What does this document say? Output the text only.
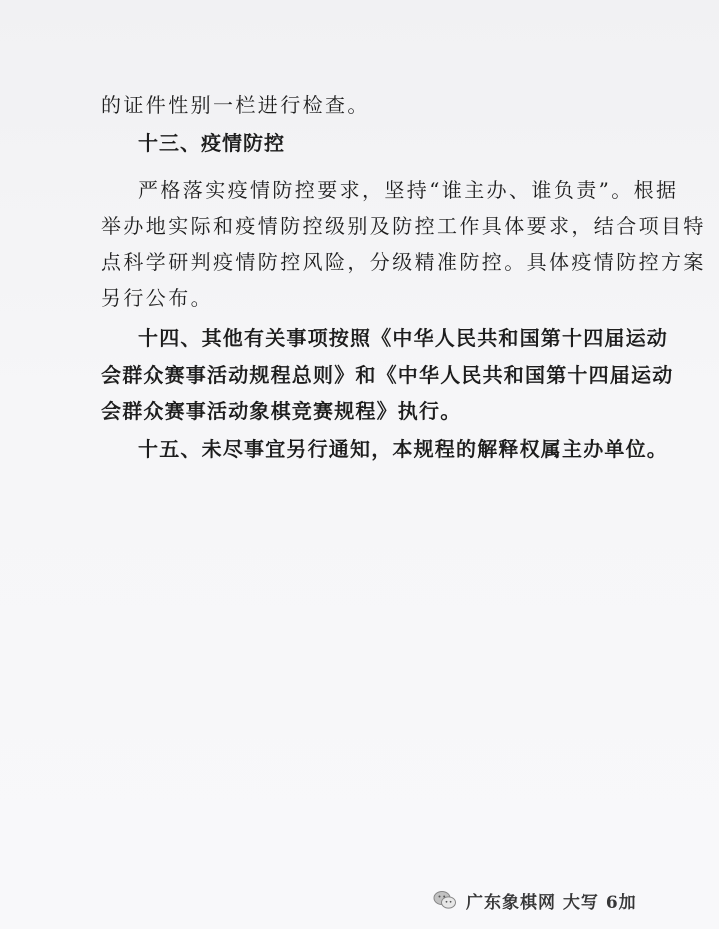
的证件性别一栏进行检查。
十三、疫情防控
严格落实疫情防控要求，坚持“谁主办、谁负责”。根据
举办地实际和疫情防控级别及防控工作具体要求，结合项目特
点科学研判疫情防控风险，分级精准防控。具体疫情防控方案
另行公布。
十四、其他有关事项按照《中华人民共和国第十四届运动
会群众赛事活动规程总则》和《中华人民共和国第十四届运动
会群众赛事活动象棋竞赛规程》执行。
十五、未尽事宜另行通知，本规程的解释权属主办单位。
广东象棋网 大写 6加
